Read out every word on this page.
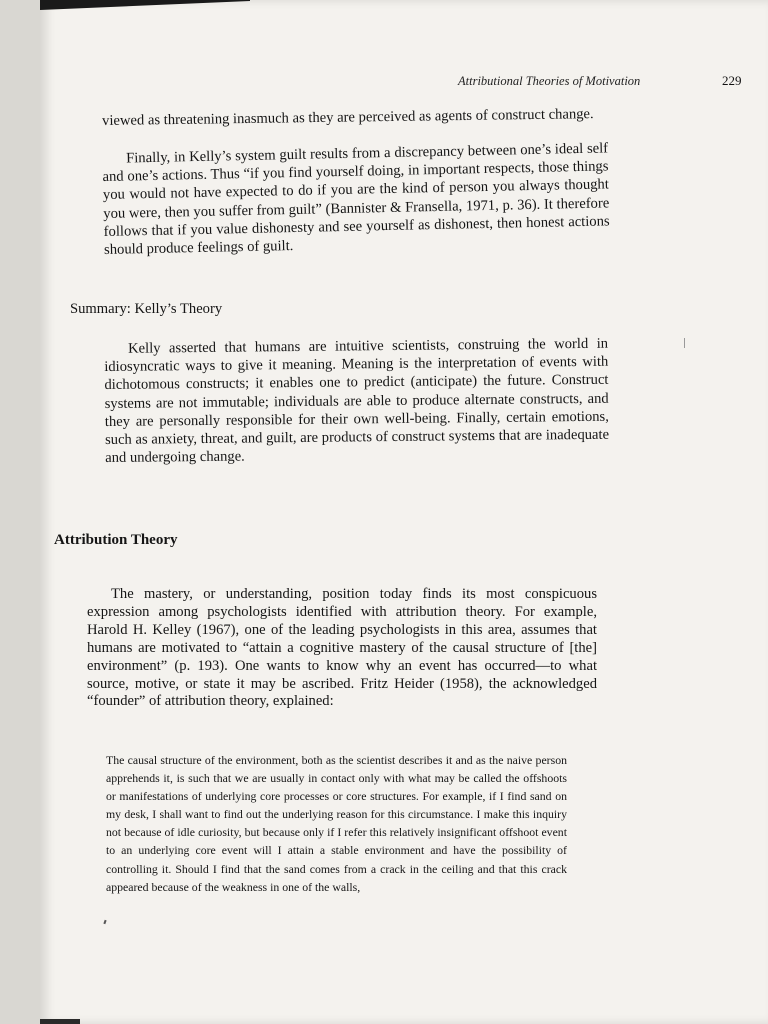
Attributional Theories of Motivation	229

viewed as threatening inasmuch as they are perceived as agents of construct change.

Finally, in Kelly’s system guilt results from a discrepancy between one’s ideal self and one’s actions. Thus “if you find yourself doing, in important respects, those things you would not have expected to do if you are the kind of person you always thought you were, then you suffer from guilt” (Bannister & Fransella, 1971, p. 36). It therefore follows that if you value dishonesty and see yourself as dishonest, then honest actions should produce feelings of guilt.

Summary: Kelly’s Theory

Kelly asserted that humans are intuitive scientists, construing the world in idiosyncratic ways to give it meaning. Meaning is the interpretation of events with dichotomous constructs; it enables one to predict (anticipate) the future. Construct systems are not immutable; individuals are able to produce alternate constructs, and they are personally responsible for their own well-being. Finally, certain emotions, such as anxiety, threat, and guilt, are products of construct systems that are inadequate and undergoing change.

Attribution Theory

The mastery, or understanding, position today finds its most conspicuous expression among psychologists identified with attribution theory. For example, Harold H. Kelley (1967), one of the leading psychologists in this area, assumes that humans are motivated to “attain a cognitive mastery of the causal structure of [the] environment” (p. 193). One wants to know why an event has occurred—to what source, motive, or state it may be ascribed. Fritz Heider (1958), the acknowledged “founder” of attribution theory, explained:

The causal structure of the environment, both as the scientist describes it and as the naive person apprehends it, is such that we are usually in contact only with what may be called the offshoots or manifestations of underlying core processes or core structures. For example, if I find sand on my desk, I shall want to find out the underlying reason for this circumstance. I make this inquiry not because of idle curiosity, but because only if I refer this relatively insignificant offshoot event to an underlying core event will I attain a stable environment and have the possibility of controlling it. Should I find that the sand comes from a crack in the ceiling and that this crack appeared because of the weakness in one of the walls,
